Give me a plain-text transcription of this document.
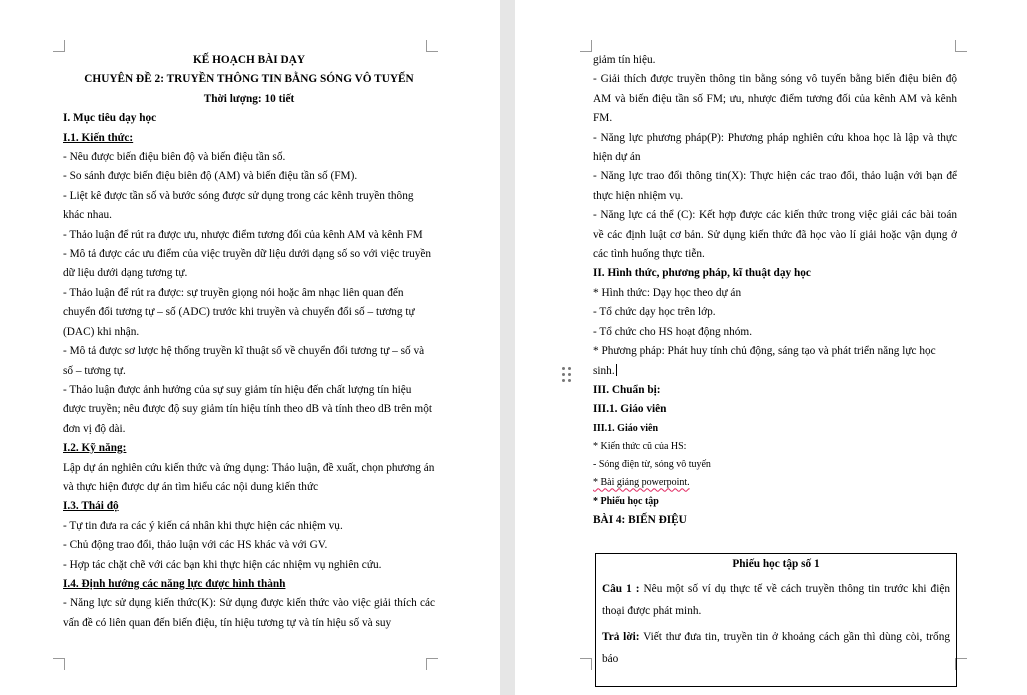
KẾ HOẠCH BÀI DẠY

CHUYÊN ĐỀ 2: TRUYỀN THÔNG TIN BẰNG SÓNG VÔ TUYẾN

Thời lượng: 10 tiết

I. Mục tiêu dạy học

I.1. Kiến thức:

- Nêu được biến điệu biên độ và biến điệu tần số.

- So sánh được biến điệu biên độ (AM) và biến điệu tần số (FM).

- Liệt kê được tần số và bước sóng được sử dụng trong các kênh truyền thông khác nhau.

- Thảo luận để rút ra được ưu, nhược điểm tương đối của kênh AM và kênh FM

- Mô tả được các ưu điểm của việc truyền dữ liệu dưới dạng số so với việc truyền dữ liệu dưới dạng tương tự.

- Thảo luận để rút ra được: sự truyền giọng nói hoặc âm nhạc liên quan đến chuyển đổi tương tự – số (ADC) trước khi truyền và chuyển đổi số – tương tự (DAC) khi nhận.

- Mô tả được sơ lược hệ thống truyền kĩ thuật số về chuyển đổi tương tự – số và số – tương tự.

- Thảo luận được ảnh hưởng của sự suy giảm tín hiệu đến chất lượng tín hiệu được truyền; nêu được độ suy giảm tín hiệu tính theo dB và tính theo dB trên một đơn vị độ dài.

I.2. Kỹ năng:

Lập dự án nghiên cứu kiến thức và ứng dụng: Thảo luận, đề xuất, chọn phương án và thực hiện được dự án tìm hiểu các nội dung kiến thức

I.3. Thái độ

- Tự tin đưa ra các ý kiến cá nhân khi thực hiện các nhiệm vụ.

- Chủ động trao đổi, thảo luận với các HS khác và với GV.

- Hợp tác chặt chẽ với các bạn khi thực hiện các nhiệm vụ nghiên cứu.

I.4. Định hướng các năng lực được hình thành

- Năng lực sử dụng kiến thức(K): Sử dụng được kiến thức vào việc giải thích các vấn đề có liên quan đến biến điệu, tín hiệu tương tự và tín hiệu số và suy

giảm tín hiệu.

- Giải thích được truyền thông tin bằng sóng vô tuyến bằng biến điệu biên độ AM và biến điệu tần số FM; ưu, nhược điểm tương đối của kênh AM và kênh FM.

- Năng lực phương pháp(P): Phương pháp nghiên cứu khoa học là lập và thực hiện dự án

- Năng lực trao đổi thông tin(X): Thực hiện các trao đổi, thảo luận với bạn để thực hiện nhiệm vụ.

- Năng lực cá thể (C): Kết hợp được các kiến thức trong việc giải các bài toán về các định luật cơ bản. Sử dụng kiến thức đã học vào lí giải hoặc vận dụng ở các tình huống thực tiễn.

II. Hình thức, phương pháp, kĩ thuật dạy học

* Hình thức: Dạy học theo dự án

- Tổ chức dạy học trên lớp.

- Tổ chức cho HS hoạt động nhóm.

* Phương pháp: Phát huy tính chủ động, sáng tạo và phát triển năng lực học sinh.

III. Chuẩn bị:

III.1. Giáo viên

III.1. Giáo viên

* Kiến thức cũ của HS:

- Sóng điện từ, sóng vô tuyến

* Bài giảng powerpoint.

* Phiếu học tập

BÀI 4: BIẾN ĐIỆU

Phiếu học tập số 1

Câu 1 : Nêu một số ví dụ thực tế về cách truyền thông tin trước khi điện thoại được phát minh.

Trả lời: Viết thư đưa tin, truyền tin ở khoảng cách gần thì dùng còi, trống báo
